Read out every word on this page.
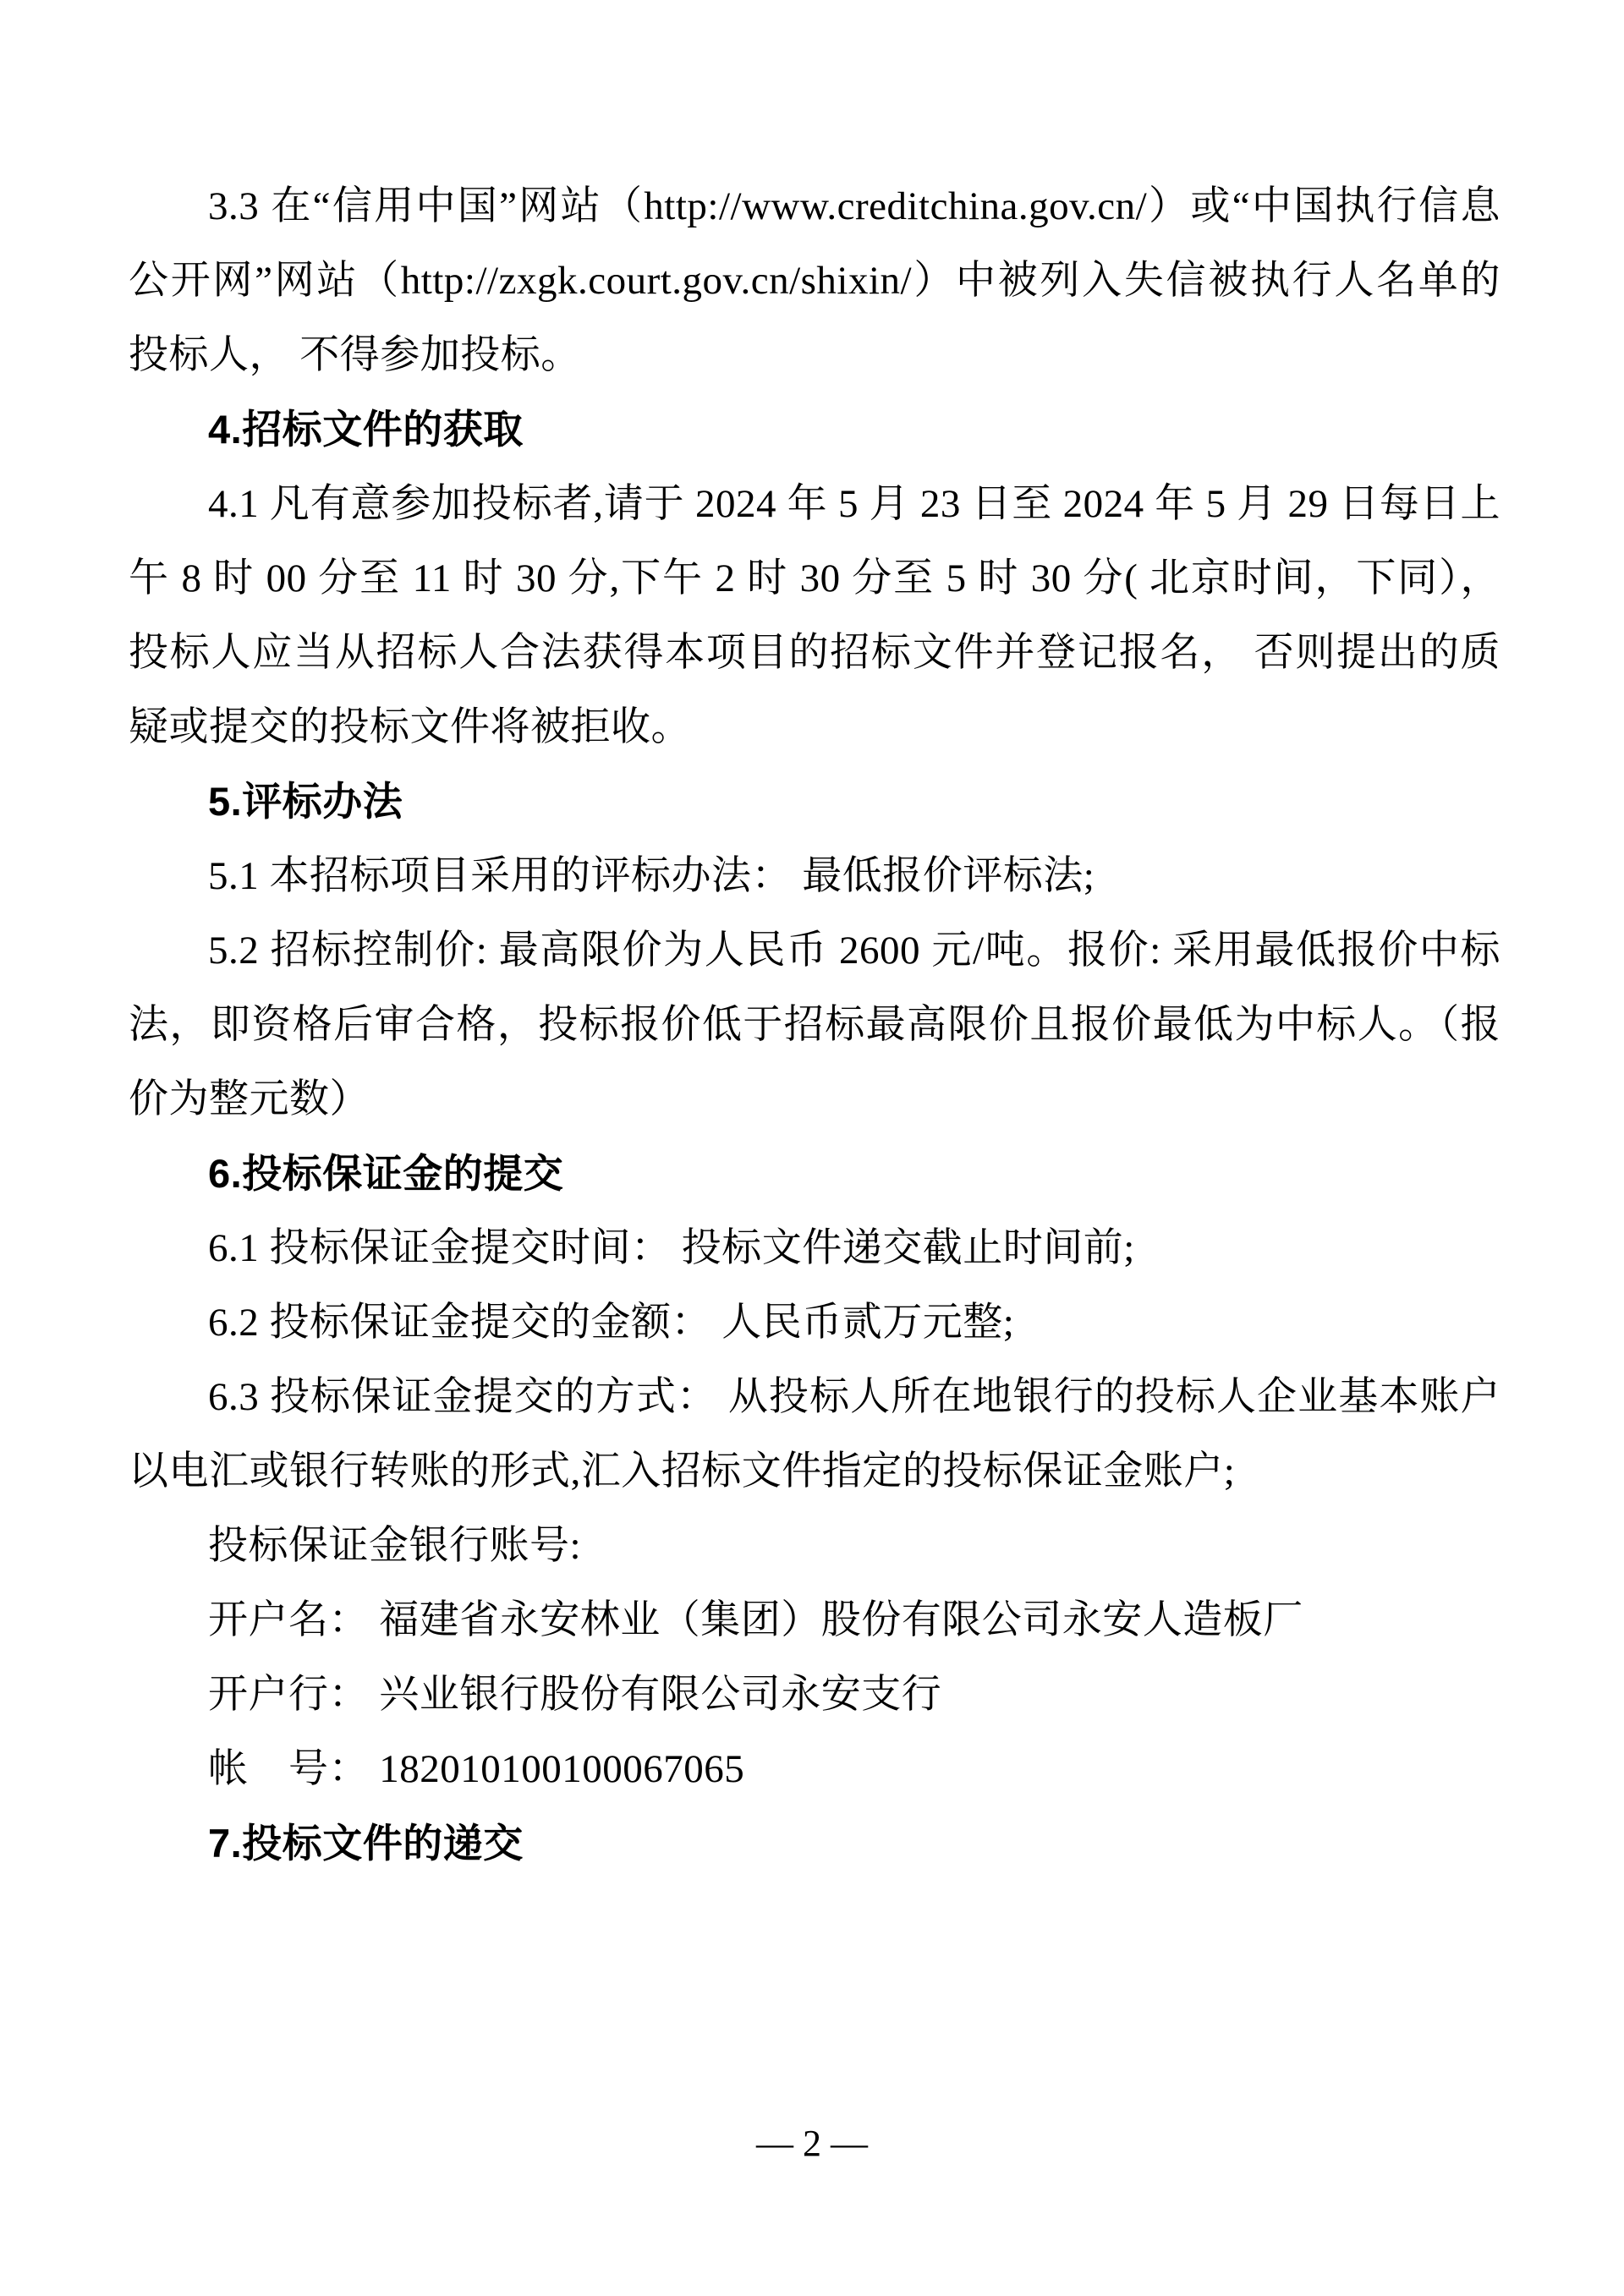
3.3 在“信用中国”网站（http://www.creditchina.gov.cn/）或“中国执行信息公开网”网站（http://zxgk.court.gov.cn/shixin/）中被列入失信被执行人名单的投标人， 不得参加投标。
4.招标文件的获取
4.1 凡有意参加投标者,请于 2024 年 5 月 23 日至 2024 年 5 月 29 日每日上午 8 时 00 分至 11 时 30 分,下午 2 时 30 分至 5 时 30 分( 北京时间，下同）， 投标人应当从招标人合法获得本项目的招标文件并登记报名， 否则提出的质疑或提交的投标文件将被拒收。
5.评标办法
5.1 本招标项目采用的评标办法： 最低报价评标法;
5.2 招标控制价: 最高限价为人民币 2600 元/吨。报价: 采用最低报价中标法，即资格后审合格，投标报价低于招标最高限价且报价最低为中标人。（报价为整元数）
6.投标保证金的提交
6.1 投标保证金提交时间： 投标文件递交截止时间前;
6.2 投标保证金提交的金额： 人民币贰万元整;
6.3 投标保证金提交的方式： 从投标人所在地银行的投标人企业基本账户以电汇或银行转账的形式,汇入招标文件指定的投标保证金账户;
投标保证金银行账号:
开户名： 福建省永安林业（集团）股份有限公司永安人造板厂
开户行： 兴业银行股份有限公司永安支行
帐　号： 182010100100067065
7.投标文件的递交
— 2 —
